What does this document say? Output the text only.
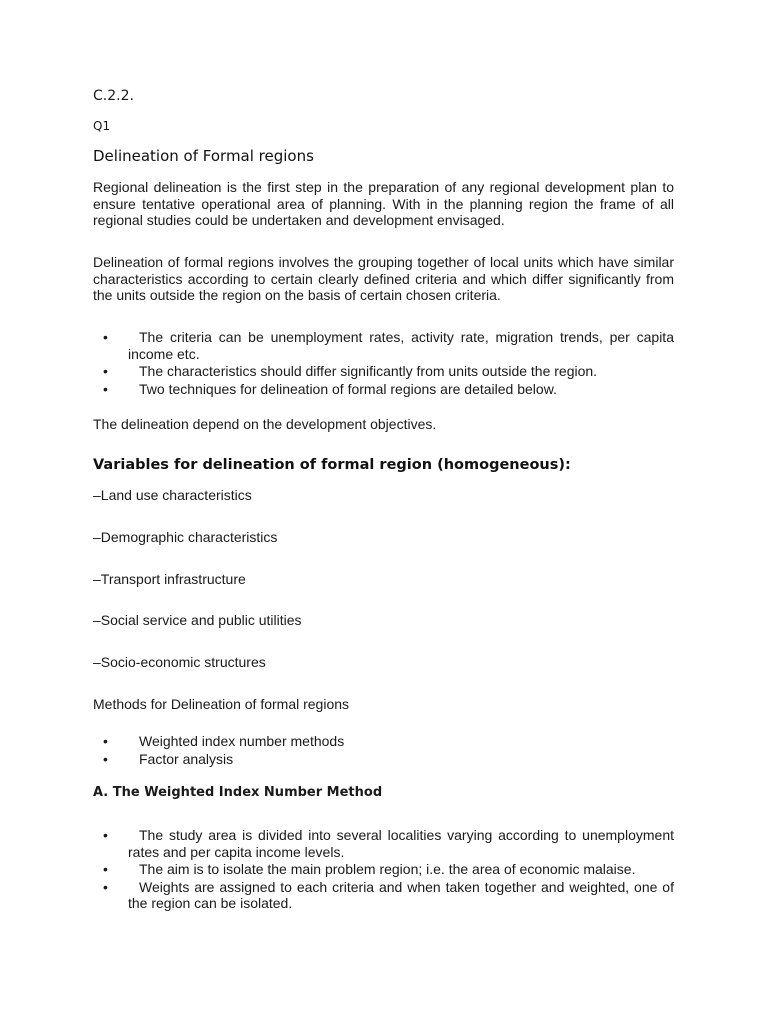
C.2.2.
Q1
Delineation of Formal regions

Regional delineation is the first step in the preparation of any regional development plan to ensure tentative operational area of planning. With in the planning region the frame of all regional studies could be undertaken and development envisaged.

Delineation of formal regions involves the grouping together of local units which have similar characteristics according to certain clearly defined criteria and which differ significantly from the units outside the region on the basis of certain chosen criteria.

•	The criteria can be unemployment rates, activity rate, migration trends, per capita income etc.
•	The characteristics should differ significantly from units outside the region.
•	Two techniques for delineation of formal regions are detailed below.

The delineation depend on the development objectives.

Variables for delineation of formal region (homogeneous):

–Land use characteristics

–Demographic characteristics

–Transport infrastructure

–Social service and public utilities

–Socio-economic structures

Methods for Delineation of formal regions

•	Weighted index number methods
•	Factor analysis
A. The Weighted Index Number Method
•	The study area is divided into several localities varying according to unemployment rates and per capita income levels.
•	The aim is to isolate the main problem region; i.e. the area of economic malaise.
•	Weights are assigned to each criteria and when taken together and weighted, one of the region can be isolated.
